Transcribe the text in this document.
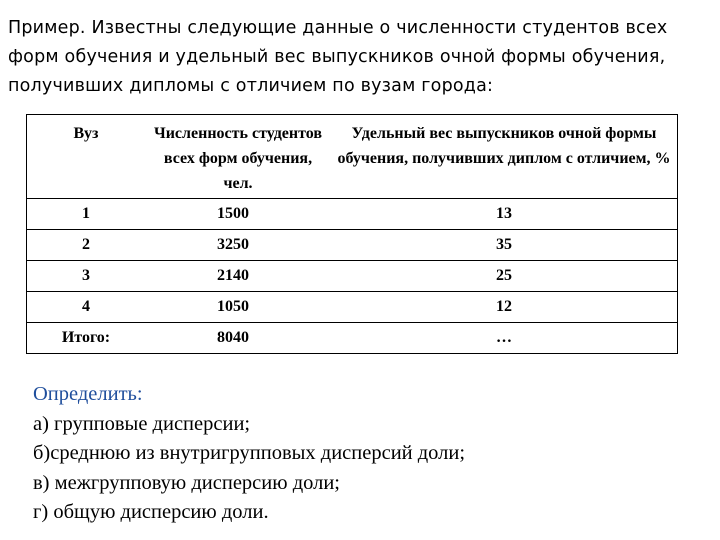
Пример. Известны следующие данные о численности студентов всех
форм обучения и удельный вес выпускников очной формы обучения,
получивших дипломы с отличием по вузам города:
Вуз	Численность студентов всех форм обучения, чел.	Удельный вес выпускников очной формы обучения, получивших диплом с отличием, %
1	1500	13
2	3250	35
3	2140	25
4	1050	12
Итого:	8040	…
Определить:
а) групповые дисперсии;
б)среднюю из внутригрупповых дисперсий доли;
в) межгрупповую дисперсию доли;
г) общую дисперсию доли.
